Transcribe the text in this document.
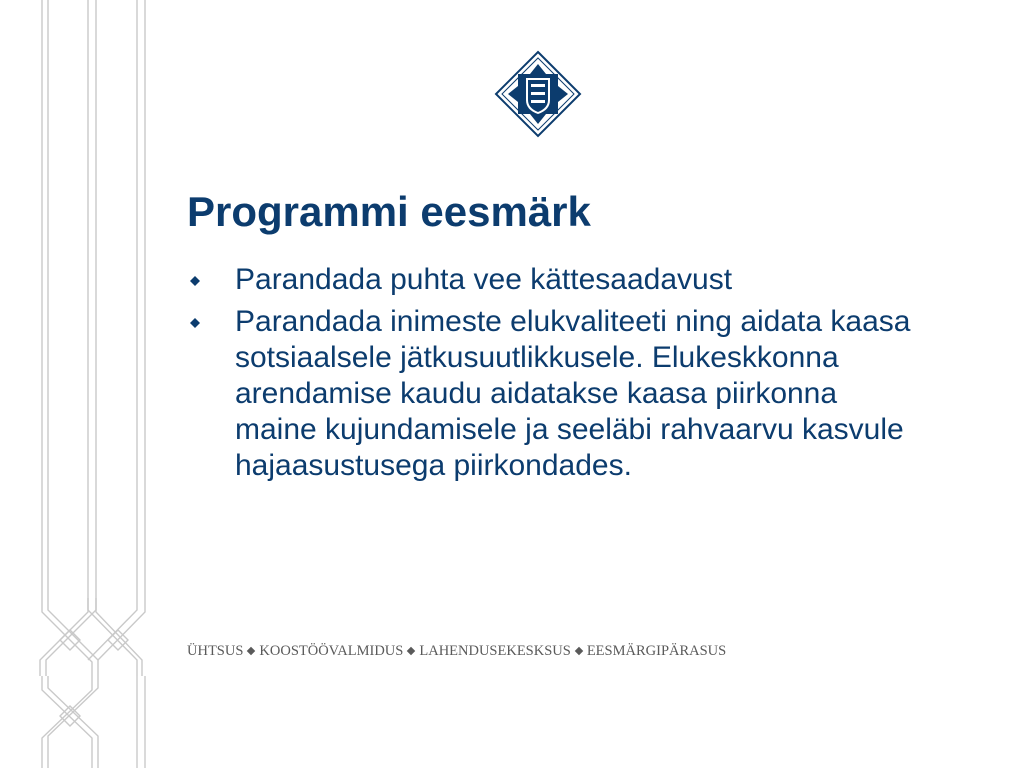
Programmi eesmärk
Parandada puhta vee kättesaadavust
Parandada inimeste elukvaliteeti ning aidata kaasa sotsiaalsele jätkusuutlikkusele. Elukeskkonna arendamise kaudu aidatakse kaasa piirkonna maine kujundamisele ja seeläbi rahvaarvu kasvule hajaasustusega piirkondades.
ÜHTSUS KOOSTÖÖVALMIDUS LAHENDUSEKESKSUS EESMÄRGIPÄRASUS
